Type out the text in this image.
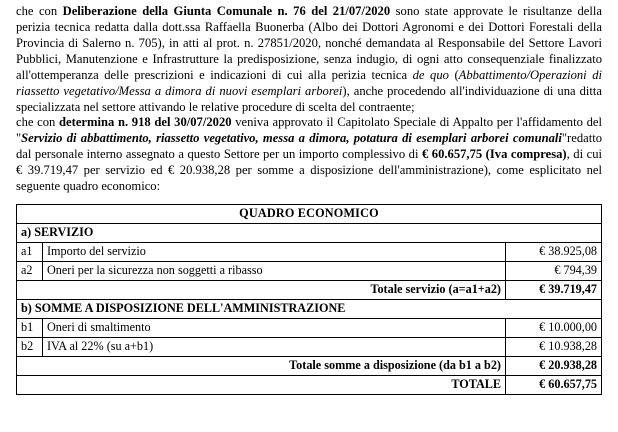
che con Deliberazione della Giunta Comunale n. 76 del 21/07/2020 sono state approvate le risultanze della perizia tecnica redatta dalla dott.ssa Raffaella Buonerba (Albo dei Dottori Agronomi e dei Dottori Forestali della Provincia di Salerno n. 705), in atti al prot. n. 27851/2020, nonché demandata al Responsabile del Settore Lavori Pubblici, Manutenzione e Infrastrutture la predisposizione, senza indugio, di ogni atto consequenziale finalizzato all'ottemperanza delle prescrizioni e indicazioni di cui alla perizia tecnica de quo (Abbattimento/Operazioni di riassetto vegetativo/Messa a dimora di nuovi esemplari arborei), anche procedendo all'individuazione di una ditta specializzata nel settore attivando le relative procedure di scelta del contraente;

che con determina n. 918 del 30/07/2020 veniva approvato il Capitolato Speciale di Appalto per l'affidamento del "Servizio di abbattimento, riassetto vegetativo, messa a dimora, potatura di esemplari arborei comunali"redatto dal personale interno assegnato a questo Settore per un importo complessivo di € 60.657,75 (Iva compresa), di cui € 39.719,47 per servizio ed € 20.938,28 per somme a disposizione dell'amministrazione), come esplicitato nel seguente quadro economico:

QUADRO ECONOMICO		
a) SERVIZIO		
a1	Importo del servizio	€ 38.925,08
a2	Oneri per la sicurezza non soggetti a ribasso	€ 794,39
Totale servizio (a=a1+a2)		€ 39.719,47
b) SOMME A DISPOSIZIONE DELL'AMMINISTRAZIONE		
b1	Oneri di smaltimento	€ 10.000,00
b2	IVA al 22% (su a+b1)	€ 10.938,28
Totale somme a disposizione (da b1 a b2)		€ 20.938,28
TOTALE		€ 60.657,75
